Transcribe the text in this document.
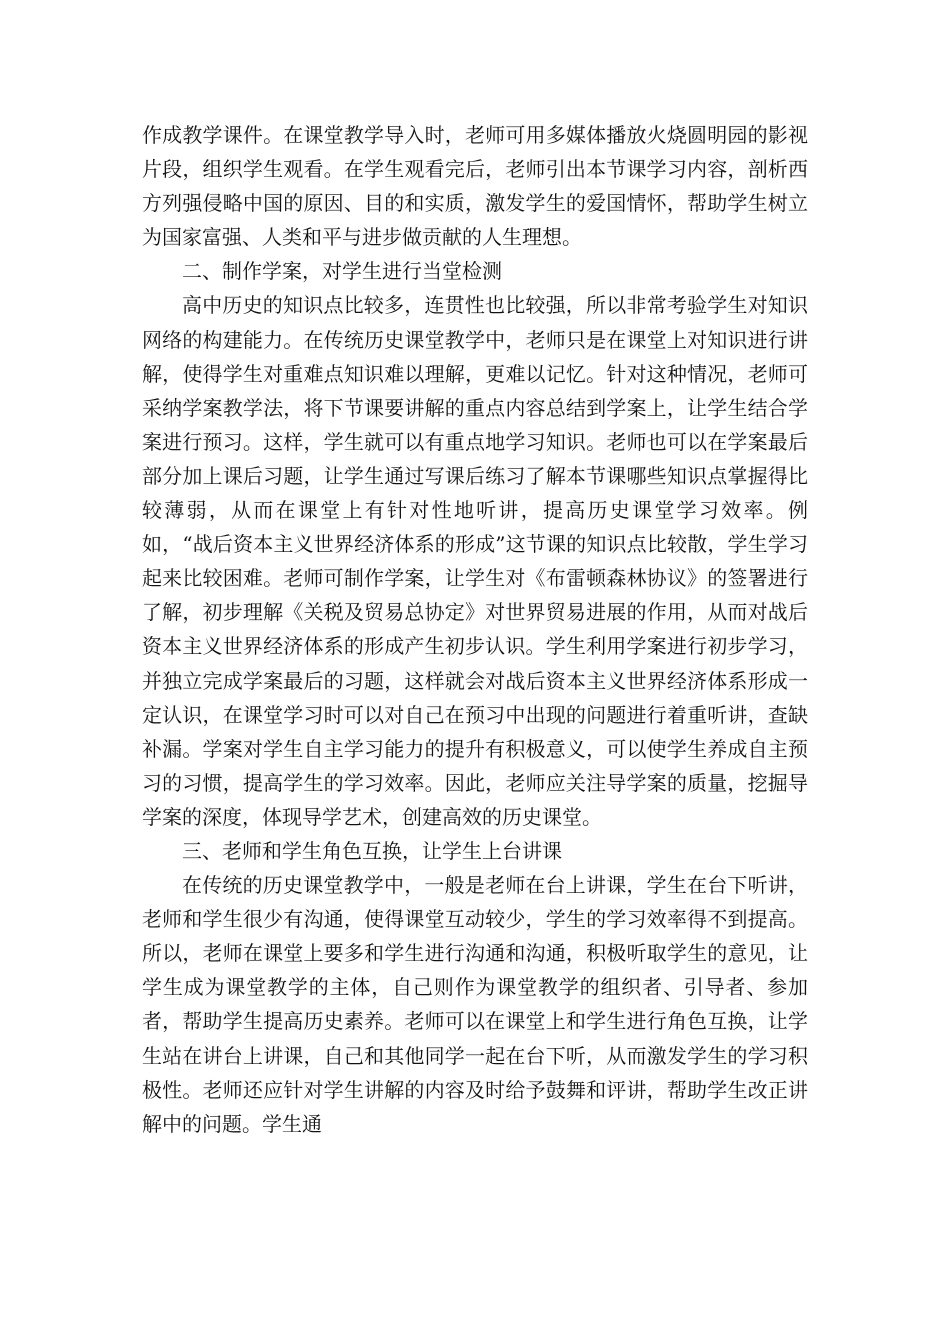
作成教学课件。在课堂教学导入时，老师可用多媒体播放火烧圆明园的影视片段，组织学生观看。在学生观看完后，老师引出本节课学习内容，剖析西方列强侵略中国的原因、目的和实质，激发学生的爱国情怀，帮助学生树立为国家富强、人类和平与进步做贡献的人生理想。

二、制作学案，对学生进行当堂检测

高中历史的知识点比较多，连贯性也比较强，所以非常考验学生对知识网络的构建能力。在传统历史课堂教学中，老师只是在课堂上对知识进行讲解，使得学生对重难点知识难以理解，更难以记忆。针对这种情况，老师可采纳学案教学法，将下节课要讲解的重点内容总结到学案上，让学生结合学案进行预习。这样，学生就可以有重点地学习知识。老师也可以在学案最后部分加上课后习题，让学生通过写课后练习了解本节课哪些知识点掌握得比较薄弱，从而在课堂上有针对性地听讲，提高历史课堂学习效率。例如，“战后资本主义世界经济体系的形成”这节课的知识点比较散，学生学习起来比较困难。老师可制作学案，让学生对《布雷顿森林协议》的签署进行了解，初步理解《关税及贸易总协定》对世界贸易进展的作用，从而对战后资本主义世界经济体系的形成产生初步认识。学生利用学案进行初步学习，并独立完成学案最后的习题，这样就会对战后资本主义世界经济体系形成一定认识，在课堂学习时可以对自己在预习中出现的问题进行着重听讲，查缺补漏。学案对学生自主学习能力的提升有积极意义，可以使学生养成自主预习的习惯，提高学生的学习效率。因此，老师应关注导学案的质量，挖掘导学案的深度，体现导学艺术，创建高效的历史课堂。

三、老师和学生角色互换，让学生上台讲课

在传统的历史课堂教学中，一般是老师在台上讲课，学生在台下听讲，老师和学生很少有沟通，使得课堂互动较少，学生的学习效率得不到提高。所以，老师在课堂上要多和学生进行沟通和沟通，积极听取学生的意见，让学生成为课堂教学的主体，自己则作为课堂教学的组织者、引导者、参加者，帮助学生提高历史素养。老师可以在课堂上和学生进行角色互换，让学生站在讲台上讲课，自己和其他同学一起在台下听，从而激发学生的学习积极性。老师还应针对学生讲解的内容及时给予鼓舞和评讲，帮助学生改正讲解中的问题。学生通
